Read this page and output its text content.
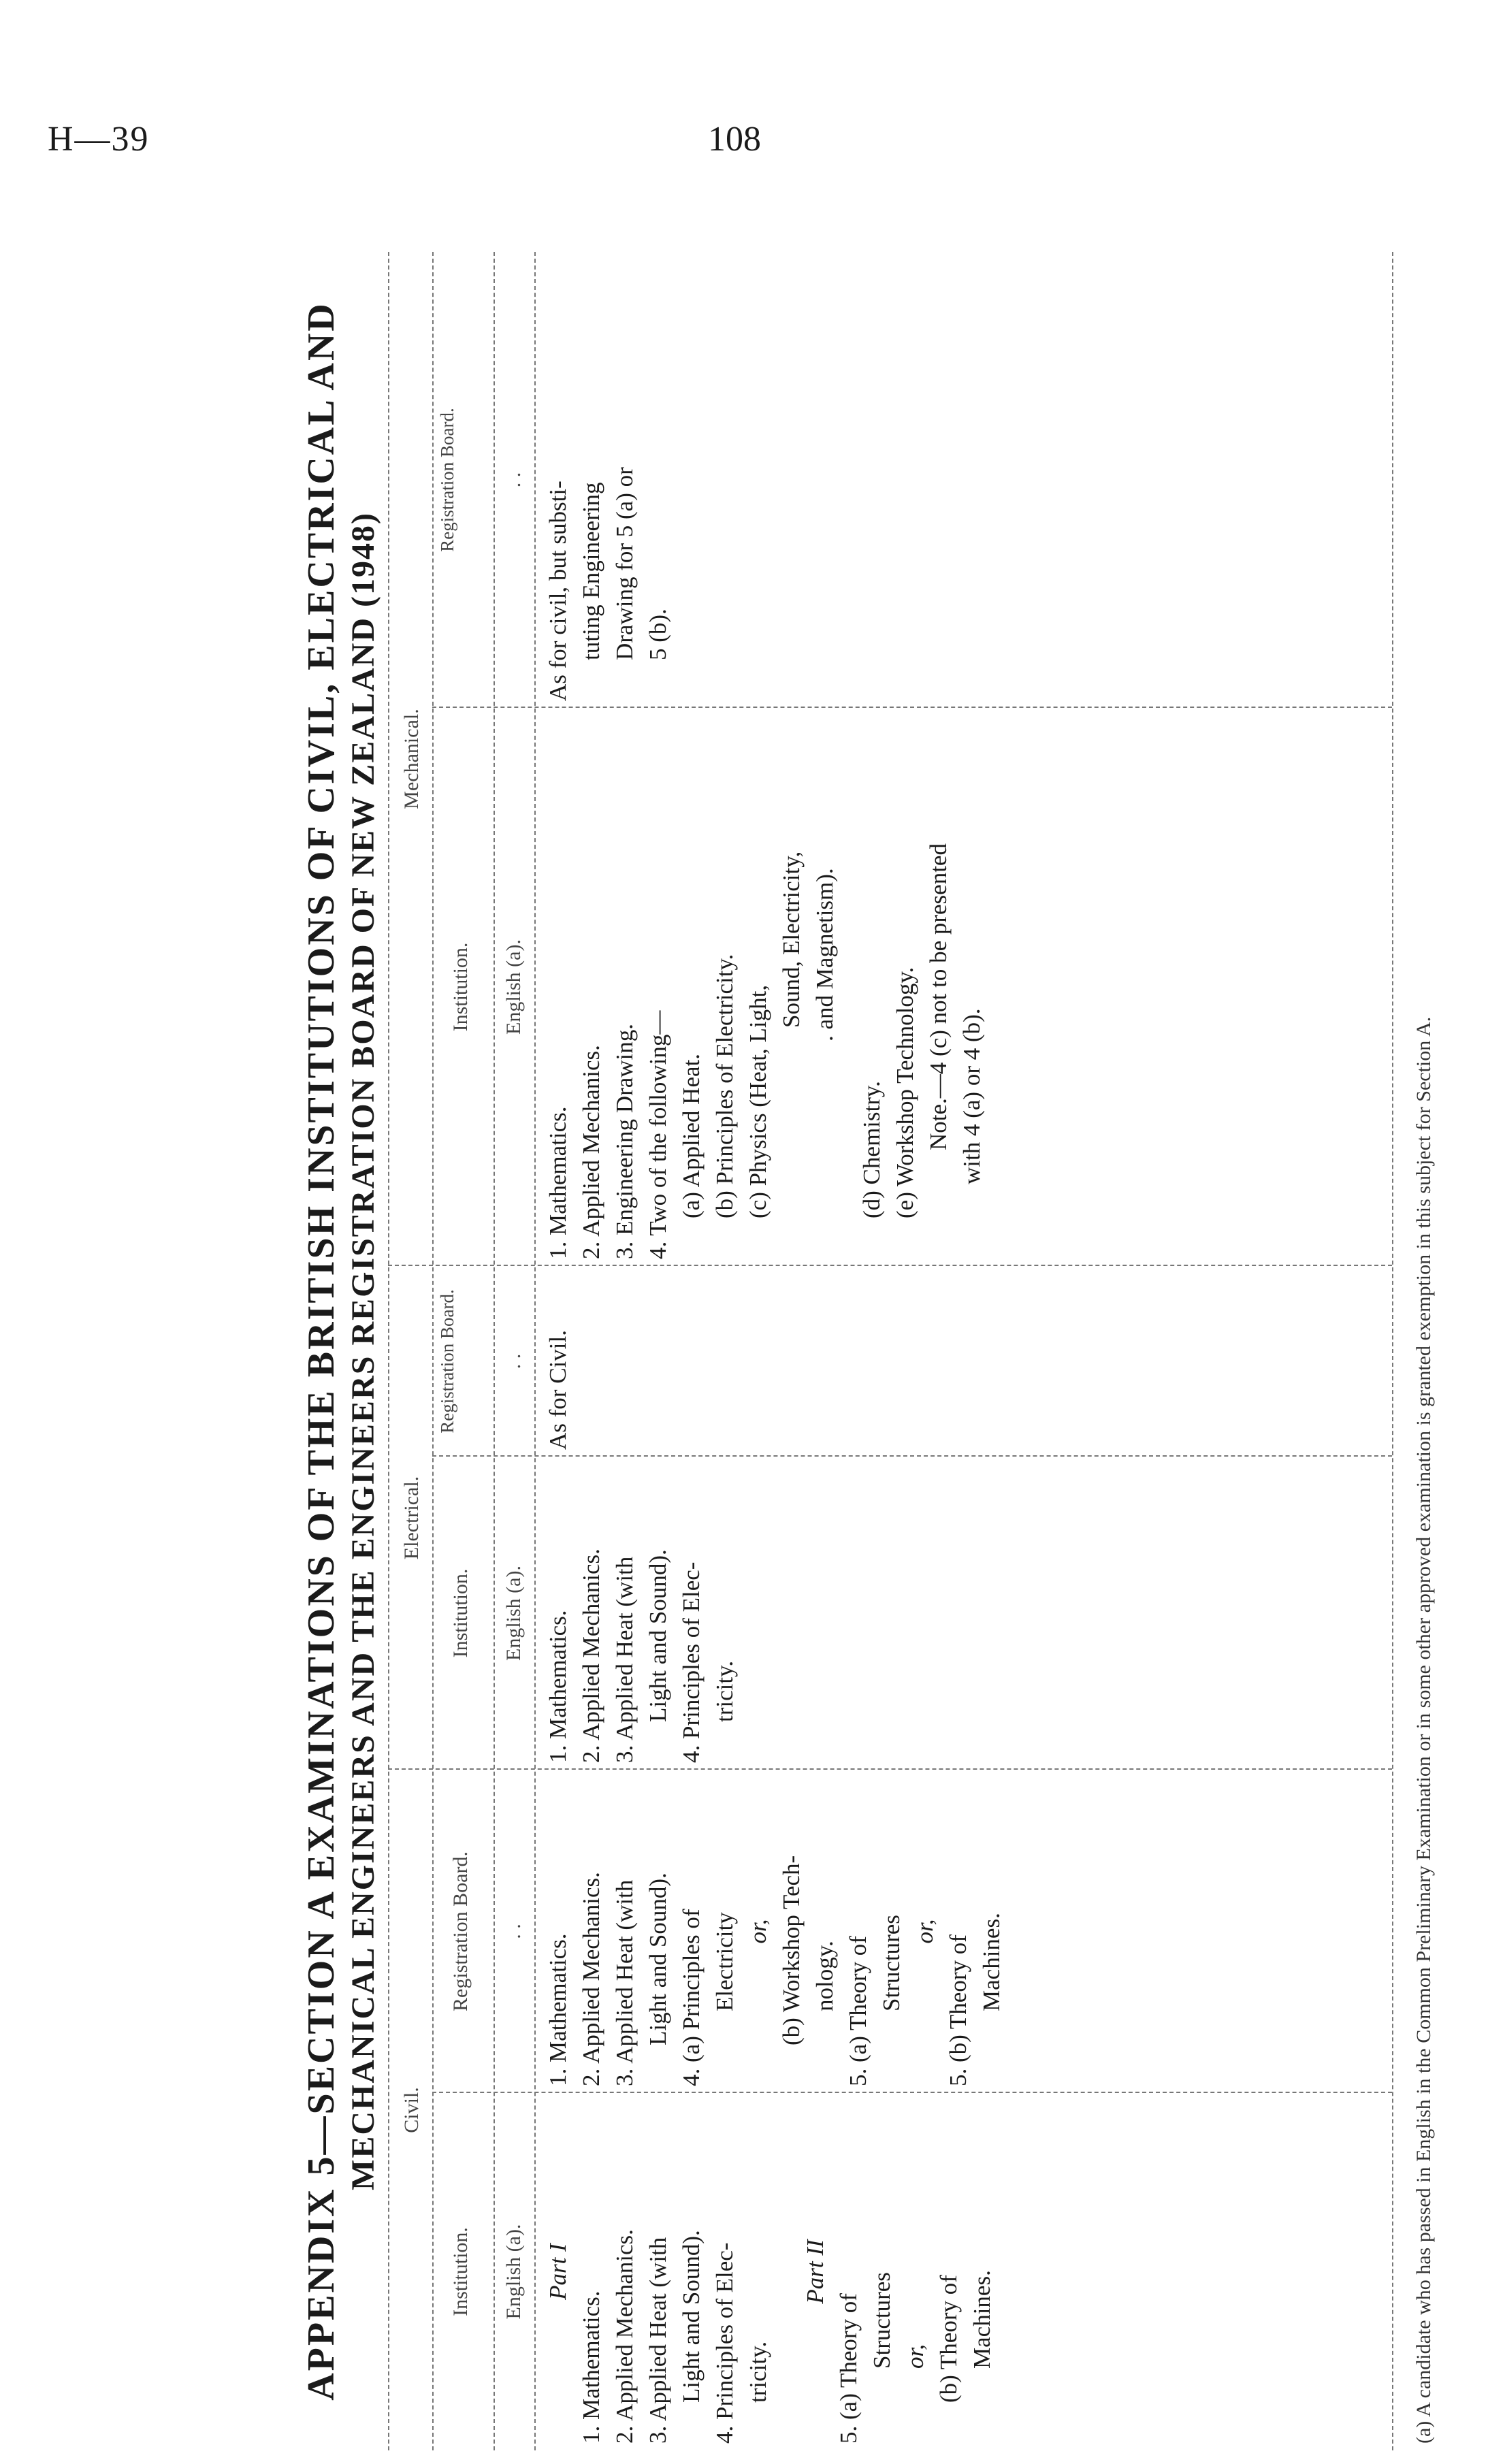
H—39	108
APPENDIX 5—SECTION A EXAMINATIONS OF THE BRITISH INSTITUTIONS OF CIVIL, ELECTRICAL AND MECHANICAL ENGINEERS AND THE ENGINEERS REGISTRATION BOARD OF NEW ZEALAND (1948) Civil.
Electrical.
Mechanical.
Institution.
Registration Board.
Institution.
Registration Board.
Institution.
Registration Board.
English (a).
. .
English (a).
. .
English (a).
. .
Part I
1. Mathematics. 2. Applied Mechanics. 3. Applied Heat (with Light and Sound). 4. Principles of Elec- tricity.
Part II
5. (a) Theory of Structures or, (b) Theory of Machines.
1. Mathematics. 2. Applied Mechanics. 3. Applied Heat (with Light and Sound). 4. (a) Principles of Electricity or, (b) Workshop Tech- nology. 5. (a) Theory of Structures or,
5. (b) Theory of Machines.
1. Mathematics. 2. Applied Mechanics. 3. Applied Heat (with Light and Sound). 4. Principles of Elec- tricity.
As for Civil.
1. Mathematics. 2. Applied Mechanics. 3. Engineering Drawing. 4. Two of the following— (a) Applied Heat. (b) Principles of Electricity. (c) Physics (Heat, Light,
Sound, Electricity, . and Magnetism).
(d) Chemistry. (e) Workshop Technology. Note.—4 (c) not to be presented with 4 (a) or 4 (b).
As for civil, but substi- tuting Engineering Drawing for 5 (a) or 5 (b).
(a) A candidate who has passed in English in the Common Preliminary Examination or in some other approved examination is granted exemption in this subject for Section A.
